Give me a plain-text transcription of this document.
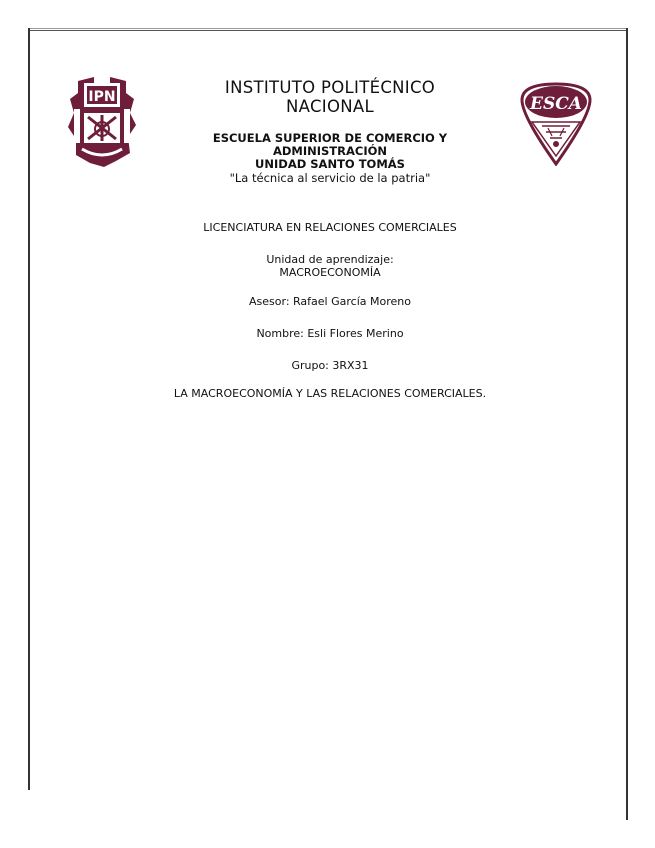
IPN	ESCA
INSTITUTO POLITÉCNICO
NACIONAL
ESCUELA SUPERIOR DE COMERCIO Y
ADMINISTRACIÓN
UNIDAD SANTO TOMÁS
"La técnica al servicio de la patria"
LICENCIATURA EN RELACIONES COMERCIALES
Unidad de aprendizaje:
MACROECONOMÍA
Asesor: Rafael García Moreno
Nombre: Esli Flores Merino
Grupo: 3RX31
LA MACROECONOMÍA Y LAS RELACIONES COMERCIALES.
